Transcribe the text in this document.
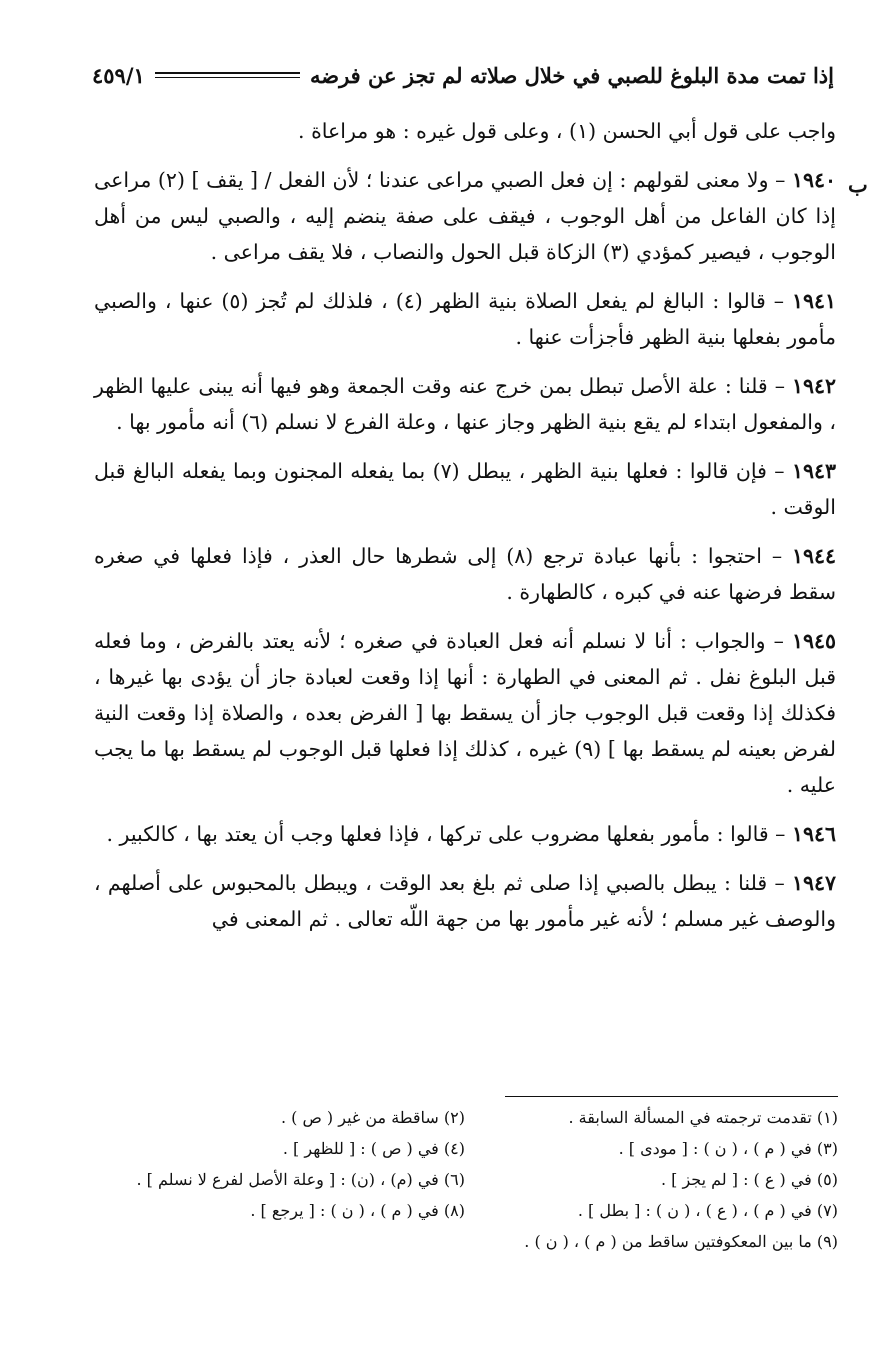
إذا تمت مدة البلوغ للصبي في خلال صلاته لم تجز عن فرضه
٤٥٩/١
ب

واجب على قول أبي الحسن (١) ، وعلى قول غيره : هو مراعاة .

١٩٤٠ – ولا معنى لقولهم : إن فعل الصبي مراعى عندنا ؛ لأن الفعل / [ يقف ] (٢) مراعى إذا كان الفاعل من أهل الوجوب ، فيقف على صفة ينضم إليه ، والصبي ليس من أهل الوجوب ، فيصير كمؤدي (٣) الزكاة قبل الحول والنصاب ، فلا يقف مراعى .

١٩٤١ – قالوا : البالغ لم يفعل الصلاة بنية الظهر (٤) ، فلذلك لم تُجز (٥) عنها ، والصبي مأمور بفعلها بنية الظهر فأجزأت عنها .

١٩٤٢ – قلنا : علة الأصل تبطل بمن خرج عنه وقت الجمعة وهو فيها أنه يبنى عليها الظهر ، والمفعول ابتداء لم يقع بنية الظهر وجاز عنها ، وعلة الفرع لا نسلم (٦) أنه مأمور بها .

١٩٤٣ – فإن قالوا : فعلها بنية الظهر ، يبطل (٧) بما يفعله المجنون وبما يفعله البالغ قبل الوقت .

١٩٤٤ – احتجوا : بأنها عبادة ترجع (٨) إلى شطرها حال العذر ، فإذا فعلها في صغره سقط فرضها عنه في كبره ، كالطهارة .

١٩٤٥ – والجواب : أنا لا نسلم أنه فعل العبادة في صغره ؛ لأنه يعتد بالفرض ، وما فعله قبل البلوغ نفل . ثم المعنى في الطهارة : أنها إذا وقعت لعبادة جاز أن يؤدى بها غيرها ، فكذلك إذا وقعت قبل الوجوب جاز أن يسقط بها [ الفرض بعده ، والصلاة إذا وقعت النية لفرض بعينه لم يسقط بها ] (٩) غيره ، كذلك إذا فعلها قبل الوجوب لم يسقط بها ما يجب عليه .

١٩٤٦ – قالوا : مأمور بفعلها مضروب على تركها ، فإذا فعلها وجب أن يعتد بها ، كالكبير .

١٩٤٧ – قلنا : يبطل بالصبي إذا صلى ثم بلغ بعد الوقت ، ويبطل بالمحبوس على أصلهم ، والوصف غير مسلم ؛ لأنه غير مأمور بها من جهة اللّه تعالى . ثم المعنى في

(١) تقدمت ترجمته في المسألة السابقة .
(٢) ساقطة من غير ( ص ) .
(٣) في ( م ) ، ( ن ) : [ مودى ] .
(٤) في ( ص ) : [ للظهر ] .
(٥) في ( ع ) : [ لم يجز ] .
(٦) في (م) ، (ن) : [ وعلة الأصل لفرع لا نسلم ] .
(٧) في ( م ) ، ( ع ) ، ( ن ) : [ بطل ] .
(٨) في ( م ) ، ( ن ) : [ يرجع ] .
(٩) ما بين المعكوفتين ساقط من ( م ) ، ( ن ) .
